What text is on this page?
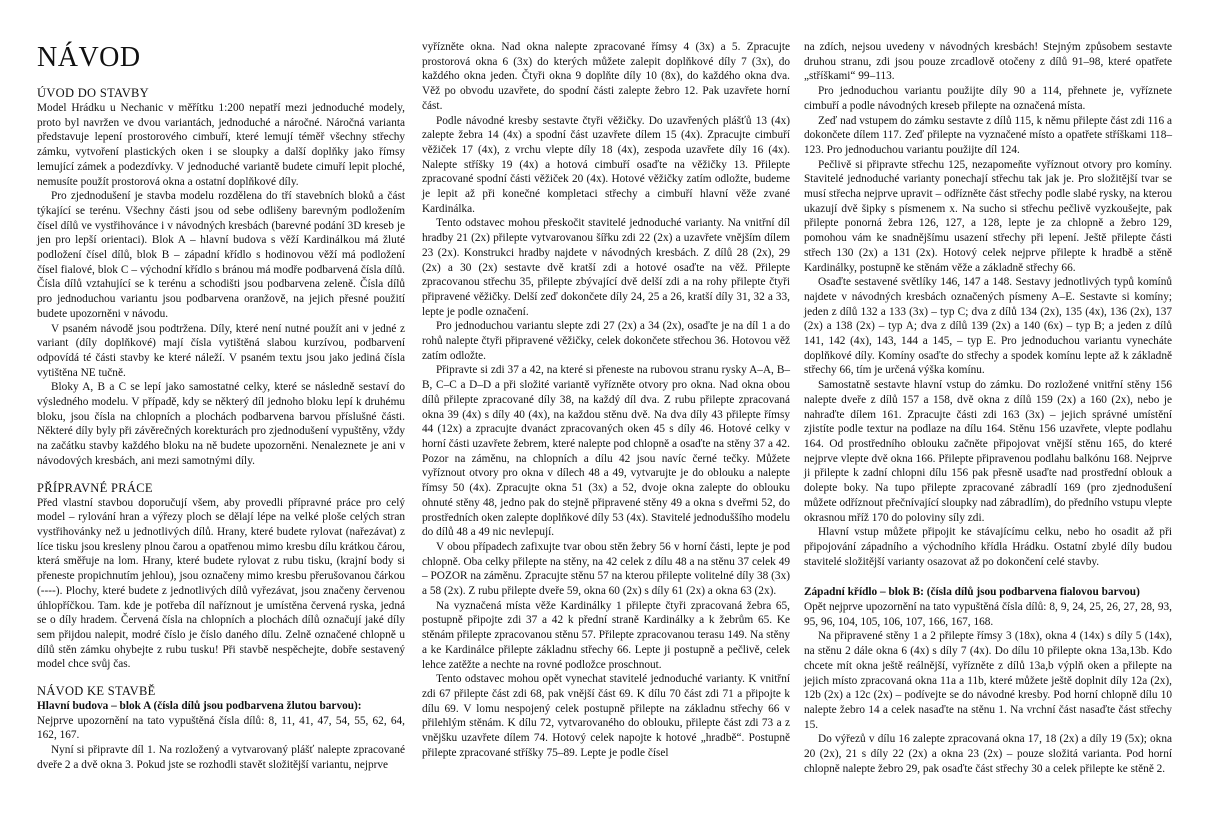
NÁVOD
ÚVOD DO STAVBY

Model Hrádku u Nechanic v měřítku 1:200 nepatří mezi jednoduché modely, proto byl navržen ve dvou variantách, jednoduché a náročné. Náročná varianta představuje lepení prostorového cimbuří, které lemují téměř všechny střechy zámku, vytvoření plastických oken i se sloupky a další doplňky jako římsy lemující zámek a podezdívky. V jednoduché variantě budete cimuří lepit ploché, nemusíte použít prostorová okna a ostatní doplňkové díly.

Pro zjednodušení je stavba modelu rozdělena do tří stavebních bloků a část týkající se terénu. Všechny části jsou od sebe odlišeny barevným podložením čísel dílů ve vystřihovánce i v návodných kresbách (barevné podání 3D kreseb je jen pro lepší orientaci). Blok A – hlavní budova s věží Kardinálkou má žluté podložení čísel dílů, blok B – západní křídlo s hodinovou věží má podložení čísel fialové, blok C – východní křídlo s bránou má modře podbarvená čísla dílů. Čísla dílů vztahující se k terénu a schodišti jsou podbarvena zeleně. Čísla dílů pro jednoduchou variantu jsou podbarvena oranžově, na jejich přesné použití budete upozorněni v návodu.

V psaném návodě jsou podtržena. Díly, které není nutné použít ani v jedné z variant (díly doplňkové) mají čísla vytištěná slabou kurzívou, podbarvení odpovídá té části stavby ke které náleží. V psaném textu jsou jako jediná čísla vytištěna NE tučně.

Bloky A, B a C se lepí jako samostatné celky, které se následně sestaví do výsledného modelu. V případě, kdy se některý díl jednoho bloku lepí k druhému bloku, jsou čísla na chlopních a plochách podbarvena barvou příslušné části. Některé díly byly při závěrečných korekturách pro zjednodušení vypuštěny, vždy na začátku stavby každého bloku na ně budete upozorněni. Nenaleznete je ani v návodových kresbách, ani mezi samotnými díly.

PŘÍPRAVNÉ PRÁCE

Před vlastní stavbou doporučují všem, aby provedli přípravné práce pro celý model – rylování hran a výřezy ploch se dělají lépe na velké ploše celých stran vystřihovánky než u jednotlivých dílů. Hrany, které budete rylovat (nařezávat) z líce tisku jsou kresleny plnou čarou a opatřenou mimo kresbu dílu krátkou čárou, která směřuje na lom. Hrany, které budete rylovat z rubu tisku, (krajní body si přeneste propichnutím jehlou), jsou označeny mimo kresbu přerušovanou čárkou (----). Plochy, které budete z jednotlivých dílů vyřezávat, jsou značeny červenou úhlopříčkou. Tam. kde je potřeba díl naříznout je umístěna červená ryska, jedná se o díly hradem. Červená čísla na chlopních a plochách dílů označují jaké díly sem přijdou nalepit, modré číslo je číslo daného dílu. Zelně označené chlopně u dílů stěn zámku ohybejte z rubu tusku! Při stavbě nespěchejte, dobře sestavený model chce svůj čas.

NÁVOD KE STAVBĚ

Hlavní budova – blok A (čísla dílů jsou podbarvena žlutou barvou):

Nejprve upozornění na tato vypuštěná čísla dílů: 8, 11, 41, 47, 54, 55, 62, 64, 162, 167.

Nyní si připravte díl 1. Na rozložený a vytvarovaný plášť nalepte zpracované dveře 2 a dvě okna 3. Pokud jste se rozhodli stavět složitější variantu, nejprve

vyřízněte okna. Nad okna nalepte zpracované římsy 4 (3x) a 5. Zpracujte prostorová okna 6 (3x) do kterých můžete zalepit doplňkové díly 7 (3x), do každého okna jeden. Čtyři okna 9 doplňte díly 10 (8x), do každého okna dva. Věž po obvodu uzavřete, do spodní části zalepte žebro 12. Pak uzavřete horní část.

Podle návodné kresby sestavte čtyři věžičky. Do uzavřených plášťů 13 (4x) zalepte žebra 14 (4x) a spodní část uzavřete dílem 15 (4x). Zpracujte cimbuří věžiček 17 (4x), z vrchu vlepte díly 18 (4x), zespoda uzavřete díly 16 (4x). Nalepte stříšky 19 (4x) a hotová cimbuří osaďte na věžičky 13. Přilepte zpracované spodní části věžiček 20 (4x). Hotové věžičky zatím odložte, budeme je lepit až při konečné kompletaci střechy a cimbuří hlavní věže zvané Kardinálka.

Tento odstavec mohou přeskočit stavitelé jednoduché varianty. Na vnitřní díl hradby 21 (2x) přilepte vytvarovanou šířku zdi 22 (2x) a uzavřete vnějším dílem 23 (2x). Konstrukci hradby najdete v návodných kresbách. Z dílů 28 (2x), 29 (2x) a 30 (2x) sestavte dvě kratší zdi a hotové osaďte na věž. Přilepte zpracovanou střechu 35, přilepte zbývající dvě delší zdi a na rohy přilepte čtyři připravené věžičky. Delší zeď dokončete díly 24, 25 a 26, kratší díly 31, 32 a 33, lepte je podle označení.

Pro jednoduchou variantu slepte zdi 27 (2x) a 34 (2x), osaďte je na díl 1 a do rohů nalepte čtyři připravené věžičky, celek dokončete střechou 36. Hotovou věž zatím odložte.

Připravte si zdi 37 a 42, na které si přeneste na rubovou stranu rysky A–A, B–B, C–C a D–D a při složité variantě vyřízněte otvory pro okna. Nad okna obou dílů přilepte zpracované díly 38, na každý díl dva. Z rubu přilepte zpracovaná okna 39 (4x) s díly 40 (4x), na každou stěnu dvě. Na dva díly 43 přilepte římsy 44 (12x) a zpracujte dvanáct zpracovaných oken 45 s díly 46. Hotové celky v horní části uzavřete žebrem, které nalepte pod chlopně a osaďte na stěny 37 a 42. Pozor na záměnu, na chlopních a dílu 42 jsou navíc černé tečky. Můžete vyříznout otvory pro okna v dílech 48 a 49, vytvarujte je do oblouku a nalepte římsy 50 (4x). Zpracujte okna 51 (3x) a 52, dvoje okna zalepte do oblouku ohnuté stěny 48, jedno pak do stejně připravené stěny 49 a okna s dveřmi 52, do prostředních oken zalepte doplňkové díly 53 (4x). Stavitelé jednoduššího modelu do dílů 48 a 49 nic nevlepují.

V obou případech zafixujte tvar obou stěn žebry 56 v horní části, lepte je pod chlopně. Oba celky přilepte na stěny, na 42 celek z dílu 48 a na stěnu 37 celek 49 – POZOR na záměnu. Zpracujte stěnu 57 na kterou přilepte volitelné díly 38 (3x) a 58 (2x). Z rubu přilepte dveře 59, okna 60 (2x) s díly 61 (2x) a okna 63 (2x).

Na vyznačená místa věže Kardinálky 1 přilepte čtyři zpracovaná žebra 65, postupně připojte zdi 37 a 42 k přední straně Kardinálky a k žebrům 65. Ke stěnám přilepte zpracovanou stěnu 57. Přilepte zpracovanou terasu 149. Na stěny a ke Kardinálce přilepte základnu střechy 66. Lepte ji postupně a pečlivě, celek lehce zatěžte a nechte na rovné podložce proschnout.

Tento odstavec mohou opět vynechat stavitelé jednoduché varianty. K vnitřní zdi 67 přilepte část zdi 68, pak vnější část 69. K dílu 70 část zdi 71 a připojte k dílu 69. V lomu nespojený celek postupně přilepte na základnu střechy 66 v přilehlým stěnám. K dílu 72, vytvarovaného do oblouku, přilepte část zdi 73 a z vnějšku uzavřete dílem 74. Hotový celek napojte k hotové „hradbě“. Postupně přilepte zpracované stříšky 75–89. Lepte je podle čísel

na zdích, nejsou uvedeny v návodných kresbách! Stejným způsobem sestavte druhou stranu, zdi jsou pouze zrcadlově otočeny z dílů 91–98, které opatřete „stříškami“ 99–113.

Pro jednoduchou variantu použijte díly 90 a 114, přehnete je, vyříznete cimbuří a podle návodných kreseb přilepte na označená místa.

Zeď nad vstupem do zámku sestavte z dílů 115, k němu přilepte část zdi 116 a dokončete dílem 117. Zeď přilepte na vyznačené místo a opatřete stříškami 118–123. Pro jednoduchou variantu použijte díl 124.

Pečlivě si připravte střechu 125, nezapomeňte vyříznout otvory pro komíny. Stavitelé jednoduché varianty ponechají střechu tak jak je. Pro složitější tvar se musí střecha nejprve upravit – odřízněte část střechy podle slabé rysky, na kterou ukazují dvě šipky s písmenem x. Na sucho si střechu pečlivě vyzkoušejte, pak přilepte ponorná žebra 126, 127, a 128, lepte je za chlopně a žebro 129, pomohou vám ke snadnějšímu usazení střechy při lepení. Ještě přilepte části střech 130 (2x) a 131 (2x). Hotový celek nejprve přilepte k hradbě a stěně Kardinálky, postupně ke stěnám věže a základně střechy 66.

Osaďte sestavené světlíky 146, 147 a 148. Sestavy jednotlivých typů komínů najdete v návodných kresbách označených písmeny A–E. Sestavte si komíny; jeden z dílů 132 a 133 (3x) – typ C; dva z dílů 134 (2x), 135 (4x), 136 (2x), 137 (2x) a 138 (2x) – typ A; dva z dílů 139 (2x) a 140 (6x) – typ B; a jeden z dílů 141, 142 (4x), 143, 144 a 145, – typ E. Pro jednoduchou variantu vynecháte doplňkové díly. Komíny osaďte do střechy a spodek komínu lepte až k základně střechy 66, tím je určená výška komínu.

Samostatně sestavte hlavní vstup do zámku. Do rozložené vnitřní stěny 156 nalepte dveře z dílů 157 a 158, dvě okna z dílů 159 (2x) a 160 (2x), nebo je nahraďte dílem 161. Zpracujte části zdi 163 (3x) – jejich správné umístění zjistíte podle textur na podlaze na dílu 164. Stěnu 156 uzavřete, vlepte podlahu 164. Od prostředního oblouku začněte připojovat vnější stěnu 165, do které nejprve vlepte dvě okna 166. Přilepte připravenou podlahu balkónu 168. Nejprve ji přilepte k zadní chlopni dílu 156 pak přesně usaďte nad prostřední oblouk a dolepte boky. Na tupo přilepte zpracované zábradlí 169 (pro zjednodušení můžete odříznout přečnívající sloupky nad zábradlím), do předního vstupu vlepte okrasnou mříž 170 do poloviny síly zdi.

Hlavní vstup můžete připojit ke stávajícímu celku, nebo ho osadit až při připojování západního a východního křídla Hrádku. Ostatní zbylé díly budou stavitelé složitější varianty osazovat až po dokončení celé stavby.

Západní křídlo – blok B: (čísla dílů jsou podbarvena fialovou barvou)

Opět nejprve upozornění na tato vypuštěná čísla dílů: 8, 9, 24, 25, 26, 27, 28, 93, 95, 96, 104, 105, 106, 107, 166, 167, 168.

Na připravené stěny 1 a 2 přilepte římsy 3 (18x), okna 4 (14x) s díly 5 (14x), na stěnu 2 dále okna 6 (4x) s díly 7 (4x). Do dílu 10 přilepte okna 13a,13b. Kdo chcete mít okna ještě reálnější, vyřízněte z dílů 13a,b výplň oken a přilepte na jejich místo zpracovaná okna 11a a 11b, které můžete ještě doplnit díly 12a (2x), 12b (2x) a 12c (2x) – podívejte se do návodné kresby. Pod horní chlopně dílu 10 nalepte žebro 14 a celek nasaďte na stěnu 1. Na vrchní část nasaďte část střechy 15.

Do výřezů v dílu 16 zalepte zpracovaná okna 17, 18 (2x) a díly 19 (5x); okna 20 (2x), 21 s díly 22 (2x) a okna 23 (2x) – pouze složitá varianta. Pod horní chlopně nalepte žebro 29, pak osaďte část střechy 30 a celek přilepte ke stěně 2.
